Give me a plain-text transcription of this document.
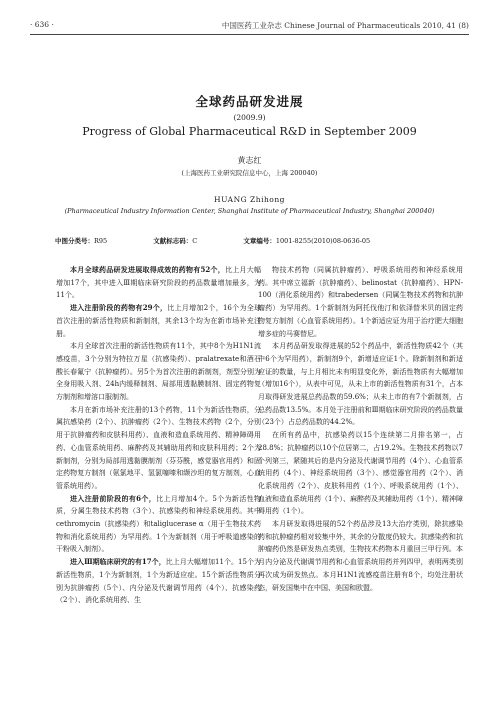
· 636 ·	中国医药工业杂志 Chinese Journal of Pharmaceuticals 2010, 41 (8)
全球药品研发进展
(2009.9)
Progress of Global Pharmaceutical R&D in September 2009
黄志红
(上海医药工业研究院信息中心，上海 200040)
HUANG Zhihong
(Pharmaceutical Industry Information Center, Shanghai Institute of Pharmaceutical Industry, Shanghai 200040)
中图分类号：R95	文献标志码：C	文章编号：1001-8255(2010)08-0636-05

本月全球药品研发进展取得成效的药物有52个，比上月大幅增加17个，其中进入Ⅲ期临床研究阶段的药品数量增加最多，为11个。

进入注册阶段的药物有29个，比上月增加2个，16个为全球首次注册的新活性物质和新制剂，其余13个均为在新市场补充注册。

本月全球首次注册的新活性物质有11个，其中8个为H1N1流感疫苗，3个分别为特拉万星（抗感染药）、pralatrexate和酒石酸长春氟宁（抗肿瘤药）。另5个为首次注册的新制剂，剂型分别为全身用吸入剂、24h内缓释制剂、局部用透黏膜制剂、固定药物复方制剂和增溶口服制剂。

本月在新市场补充注册的13个药物，11个为新活性物质，分属抗感染药（2个）、抗肿瘤药（2个）、生物技术药物（2个，分别用于抗肿瘤药和皮肤科用药）、血液和造血系统用药、精神障碍用药、心血管系统用药、麻醉药及其辅助用药和皮肤科用药；2个为新制剂，分别为局部用透黏膜制剂（芬芬酰，感觉器官用药）和固定药物复方制剂（氨氯地平、氢氯噻嗪和缬沙坦的复方制剂，心血管系统用药）。

进入注册前阶段的有6个，比上月增加4个。5个为新活性物质，分属生物技术药物（3个）、抗感染药和神经系统用药。其中cethromycin（抗感染药）和taliglucerase α（用于生物技术药物和消化系统用药）为罕用药。1个为新制剂（用于呼吸道感染的干粉吸入制剂）。

进入Ⅲ期临床研究的有17个，比上月大幅增加11个。15个为新活性物质，1个为新制剂，1个为新适应症。15个新活性物质分别为抗肿瘤药（5个）、内分泌及代谢调节用药（4个）、抗感染药（2个）、消化系统用药、生

物技术药物（同属抗肿瘤药）、呼吸系统用药和神经系统用药。其中席立福新（抗肿瘤药）、belinostat（抗肿瘤药）、HPN-100（消化系统用药）和trabedersen（同属生物技术药物和抗肿瘤药）为罕用药。1个新制剂为阿托伐他汀和依泽替米贝的固定药物复方制剂（心血管系统用药）。1个新适应证为用于治疗肥大细胞增多症的马赛替尼。

本月药品研发取得进展的52个药品中，新活性物质42个（其中6个为罕用药），新制剂9个，新增适应证1个。除新制剂和新适应证的数量，与上月相比未有明显变化外，新活性物质有大幅增加（增加16个），从表中可见，从未上市的新活性物质有31个，占本月取得研发进展总药品数的59.6%；从未上市的有7个新制剂，占总药品数13.5%。本月处于注册前和Ⅲ期临床研究阶段的药品数量（23个）占总药品数的44.2%。

在所有药品中，抗感染药以15个连续第二月排名第一，占28.8%；抗肿瘤药以10个位居第二，占19.2%。生物技术药物以7个列第三，紧随其后的是内分泌及代谢调节用药（4个）、心血管系统用药（4个）、神经系统用药（3个）、感觉器官用药（2个）、消化系统用药（2个）、皮肤科用药（1个）、呼吸系统用药（1个）、血液和造血系统用药（1个）、麻醉药及其辅助用药（1个）、精神障碍用药（1个）。

本月研发取得进展的52个药品涉及13大治疗类别，除抗感染药和抗肿瘤药相对较集中外，其余的分散度仍较大。抗感染药和抗肿瘤药仍然是研发热点类别，生物技术药物本月重回三甲行列。本月内分泌及代谢调节用药和心血管系统用药并列四甲，表明两类别再次成为研发热点。本月H1N1流感疫苗注册有8个，均处注册状态，研发国集中在中国、美国和欧盟。
